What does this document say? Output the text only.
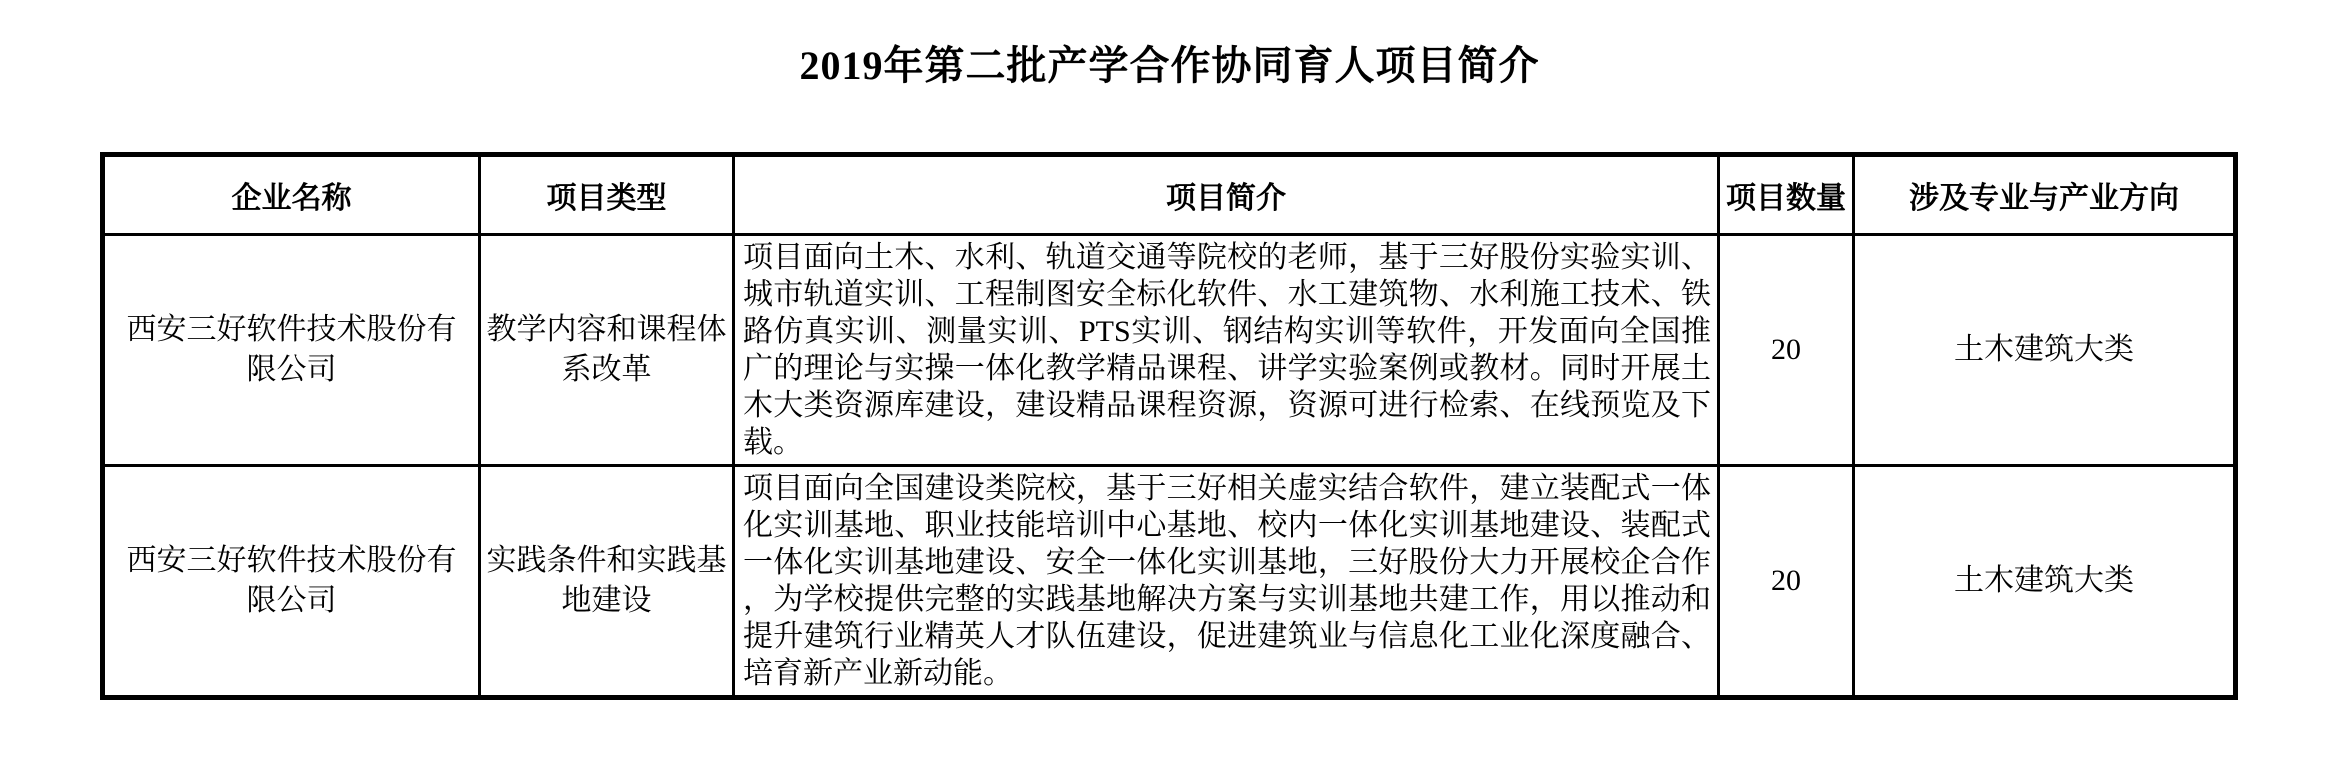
2019年第二批产学合作协同育人项目简介
企业名称	项目类型	项目简介	项目数量	涉及专业与产业方向
西安三好软件技术股份有限公司	教学内容和课程体系改革	项目面向土木、水利、轨道交通等院校的老师，基于三好股份实验实训、城市轨道实训、工程制图安全标化软件、水工建筑物、水利施工技术、铁路仿真实训、测量实训、PTS实训、钢结构实训等软件，开发面向全国推广的理论与实操一体化教学精品课程、讲学实验案例或教材。同时开展土木大类资源库建设，建设精品课程资源，资源可进行检索、在线预览及下载。	20	土木建筑大类
西安三好软件技术股份有限公司	实践条件和实践基地建设	项目面向全国建设类院校，基于三好相关虚实结合软件，建立装配式一体化实训基地、职业技能培训中心基地、校内一体化实训基地建设、装配式一体化实训基地建设、安全一体化实训基地，三好股份大力开展校企合作，为学校提供完整的实践基地解决方案与实训基地共建工作，用以推动和提升建筑行业精英人才队伍建设，促进建筑业与信息化工业化深度融合、培育新产业新动能。	20	土木建筑大类
